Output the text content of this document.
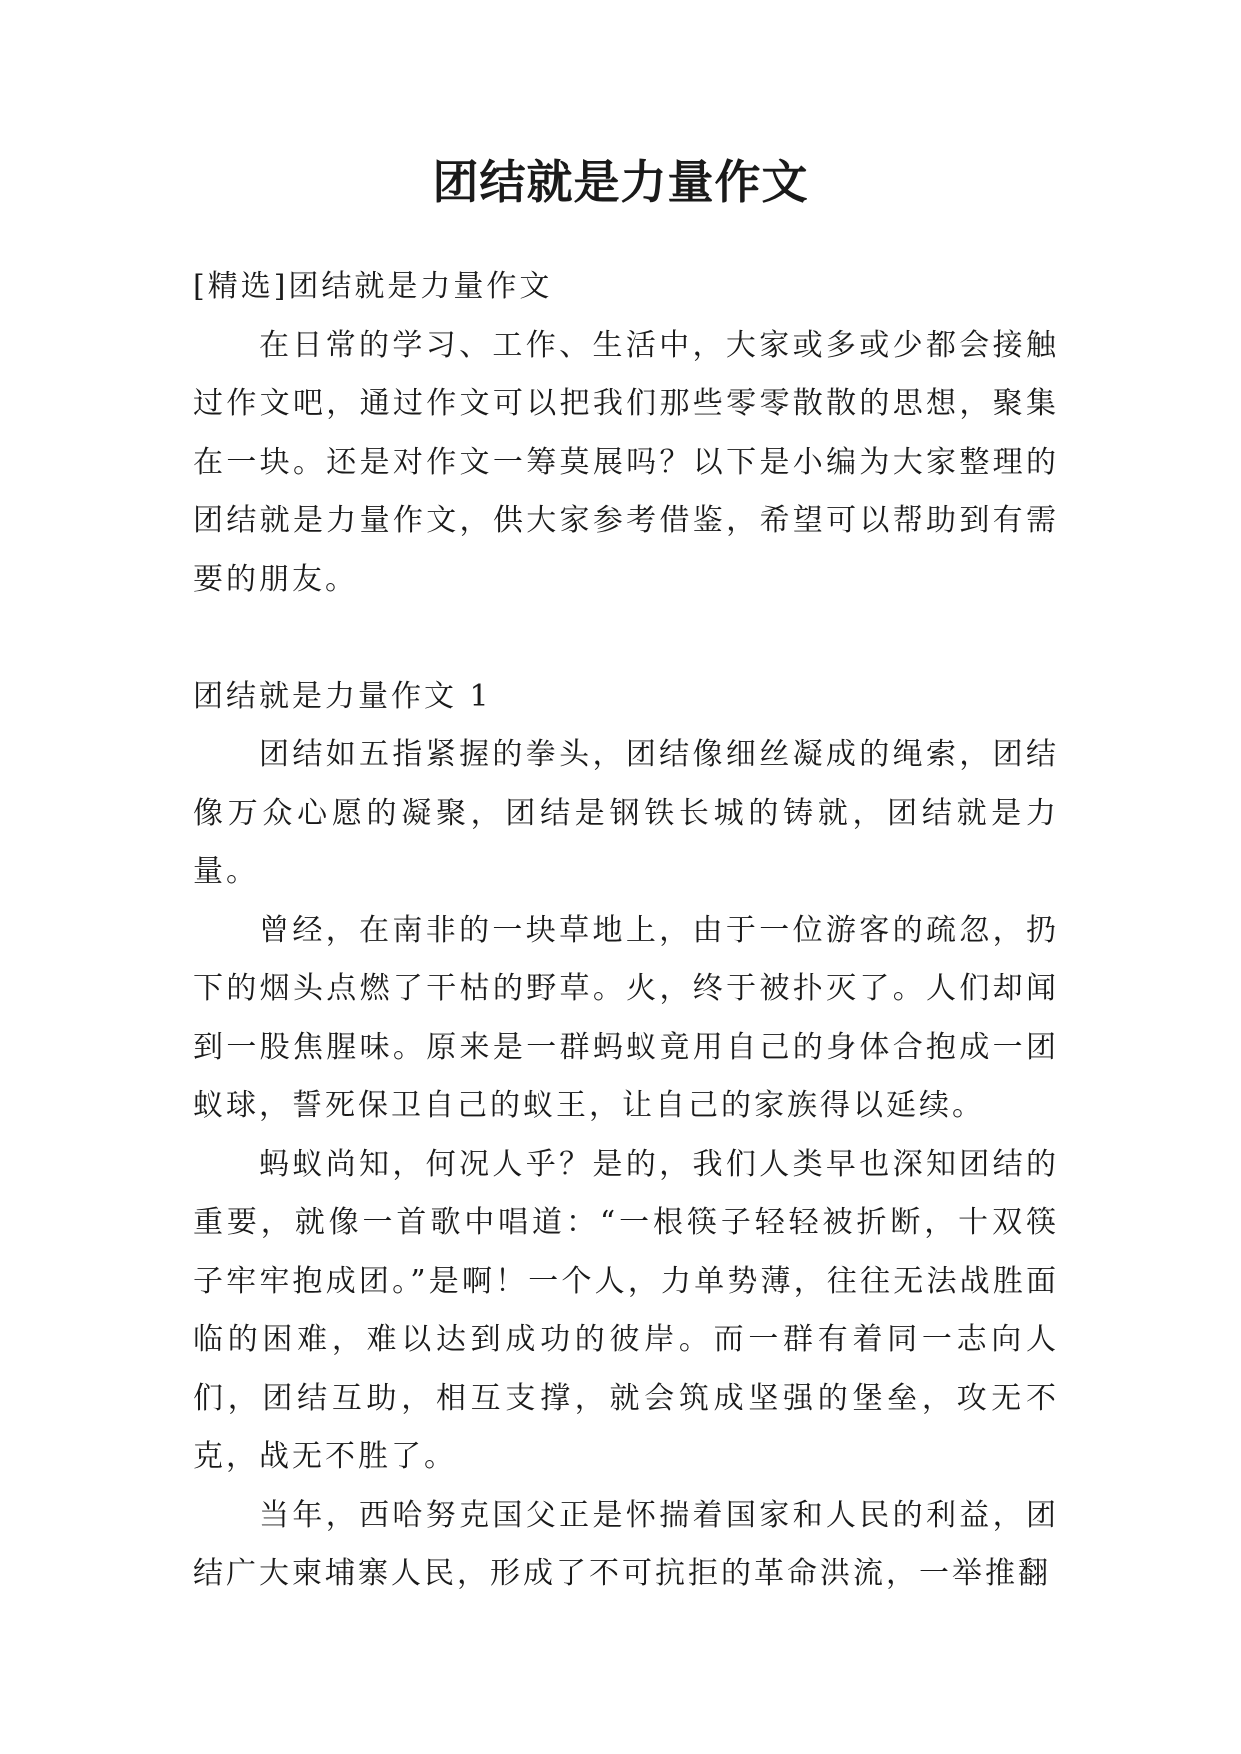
团结就是力量作文

[精选]团结就是力量作文

在日常的学习、工作、生活中，大家或多或少都会接触过作文吧，通过作文可以把我们那些零零散散的思想，聚集在一块。还是对作文一筹莫展吗？以下是小编为大家整理的团结就是力量作文，供大家参考借鉴，希望可以帮助到有需要的朋友。

团结就是力量作文 1

团结如五指紧握的拳头，团结像细丝凝成的绳索，团结像万众心愿的凝聚，团结是钢铁长城的铸就，团结就是力量。

曾经，在南非的一块草地上，由于一位游客的疏忽，扔下的烟头点燃了干枯的野草。火，终于被扑灭了。人们却闻到一股焦腥味。原来是一群蚂蚁竟用自己的身体合抱成一团蚁球，誓死保卫自己的蚁王，让自己的家族得以延续。

蚂蚁尚知，何况人乎？是的，我们人类早也深知团结的重要，就像一首歌中唱道：“一根筷子轻轻被折断，十双筷子牢牢抱成团。”是啊！一个人，力单势薄，往往无法战胜面临的困难，难以达到成功的彼岸。而一群有着同一志向人们，团结互助，相互支撑，就会筑成坚强的堡垒，攻无不克，战无不胜了。

当年，西哈努克国父正是怀揣着国家和人民的利益，团结广大柬埔寨人民，形成了不可抗拒的革命洪流，一举推翻
